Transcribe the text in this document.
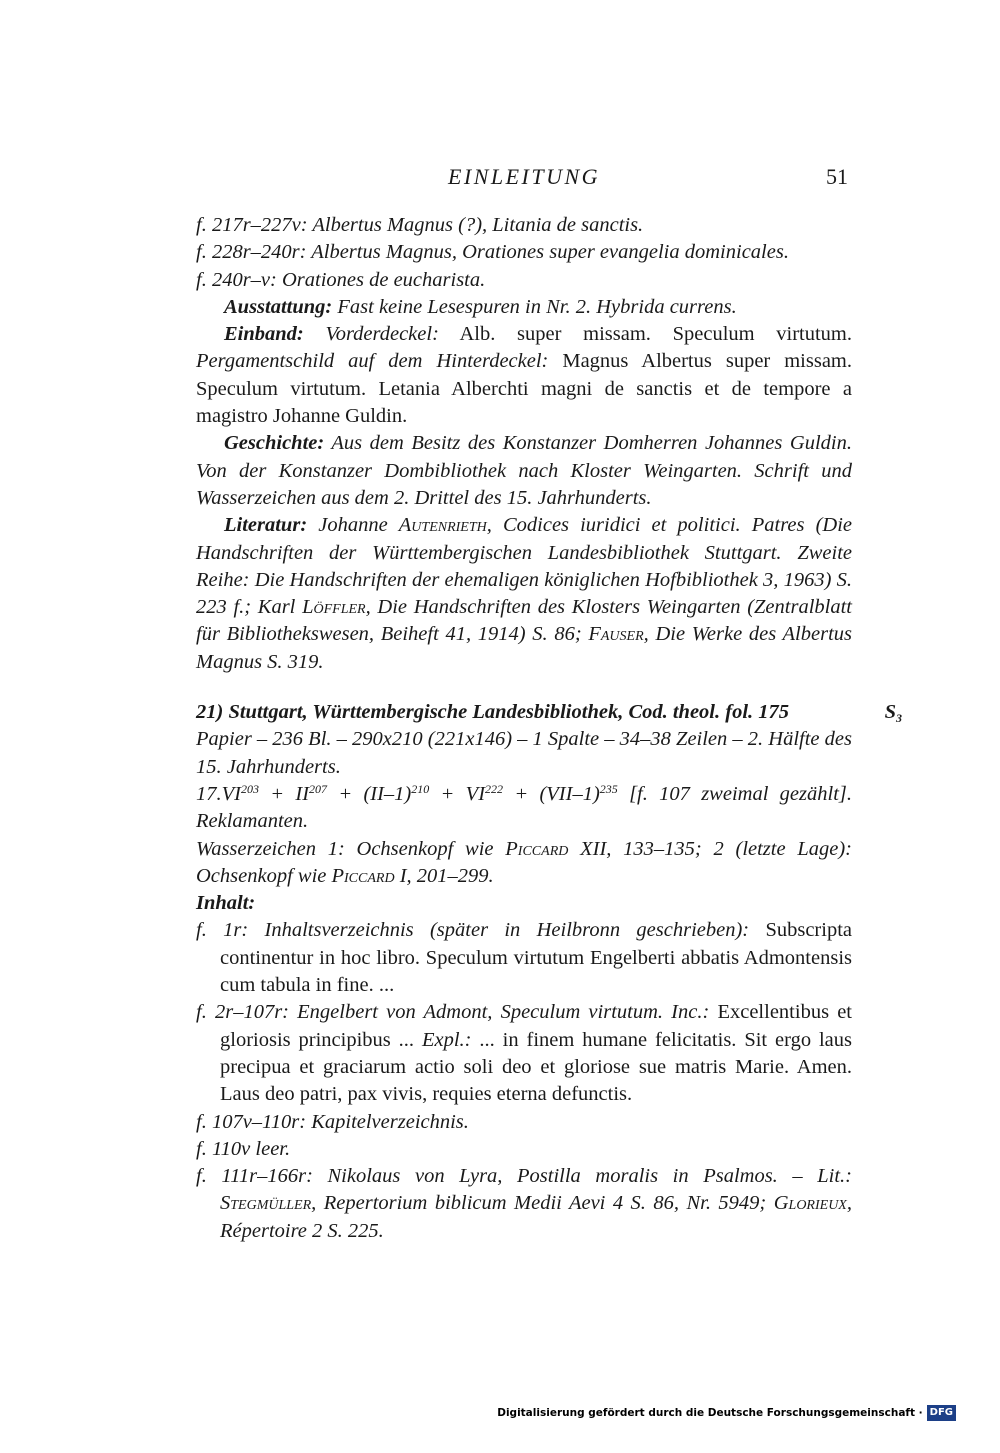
EINLEITUNG	51

f. 217r–227v: Albertus Magnus (?), Litania de sanctis.

f. 228r–240r: Albertus Magnus, Orationes super evangelia dominicales.

f. 240r–v: Orationes de eucharista.

Ausstattung: Fast keine Lesespuren in Nr. 2. Hybrida currens.

Einband: Vorderdeckel: Alb. super missam. Speculum virtutum. Pergamentschild auf dem Hinterdeckel: Magnus Albertus super missam. Speculum virtutum. Letania Alberchti magni de sanctis et de tempore a magistro Johanne Guldin.

Geschichte: Aus dem Besitz des Konstanzer Domherren Johannes Guldin. Von der Konstanzer Dombibliothek nach Kloster Weingarten. Schrift und Wasserzeichen aus dem 2. Drittel des 15. Jahrhunderts.

Literatur: Johanne Autenrieth, Codices iuridici et politici. Patres (Die Handschriften der Württembergischen Landesbibliothek Stuttgart. Zweite Reihe: Die Handschriften der ehemaligen königlichen Hofbibliothek 3, 1963) S. 223 f.; Karl Löffler, Die Handschriften des Klosters Weingarten (Zentralblatt für Bibliothekswesen, Beiheft 41, 1914) S. 86; Fauser, Die Werke des Albertus Magnus S. 319.

21) Stuttgart, Württembergische Landesbibliothek, Cod. theol. fol. 175	$S_3$

Papier – 236 Bl. – 290x210 (221x146) – 1 Spalte – 34–38 Zeilen – 2. Hälfte des 15. Jahrhunderts.

$17.VI^{203} + II^{207} + (II-1)^{210} + VI^{222} + (VII-1)^{235}$ [f. 107 zweimal gezählt]. Reklamanten.

Wasserzeichen 1: Ochsenkopf wie Piccard XII, 133–135; 2 (letzte Lage): Ochsenkopf wie Piccard I, 201–299.

Inhalt:

f. 1r: Inhaltsverzeichnis (später in Heilbronn geschrieben): Subscripta continentur in hoc libro. Speculum virtutum Engelberti abbatis Admontensis cum tabula in fine. ...

f. 2r–107r: Engelbert von Admont, Speculum virtutum. Inc.: Excellentibus et gloriosis principibus ... Expl.: ... in finem humane felicitatis. Sit ergo laus precipua et graciarum actio soli deo et gloriose sue matris Marie. Amen. Laus deo patri, pax vivis, requies eterna defunctis.

f. 107v–110r: Kapitelverzeichnis.

f. 110v leer.

f. 111r–166r: Nikolaus von Lyra, Postilla moralis in Psalmos. – Lit.: Stegmüller, Repertorium biblicum Medii Aevi 4 S. 86, Nr. 5949; Glorieux, Répertoire 2 S. 225.

Digitalisierung gefördert durch die Deutsche Forschungsgemeinschaft · DFG
